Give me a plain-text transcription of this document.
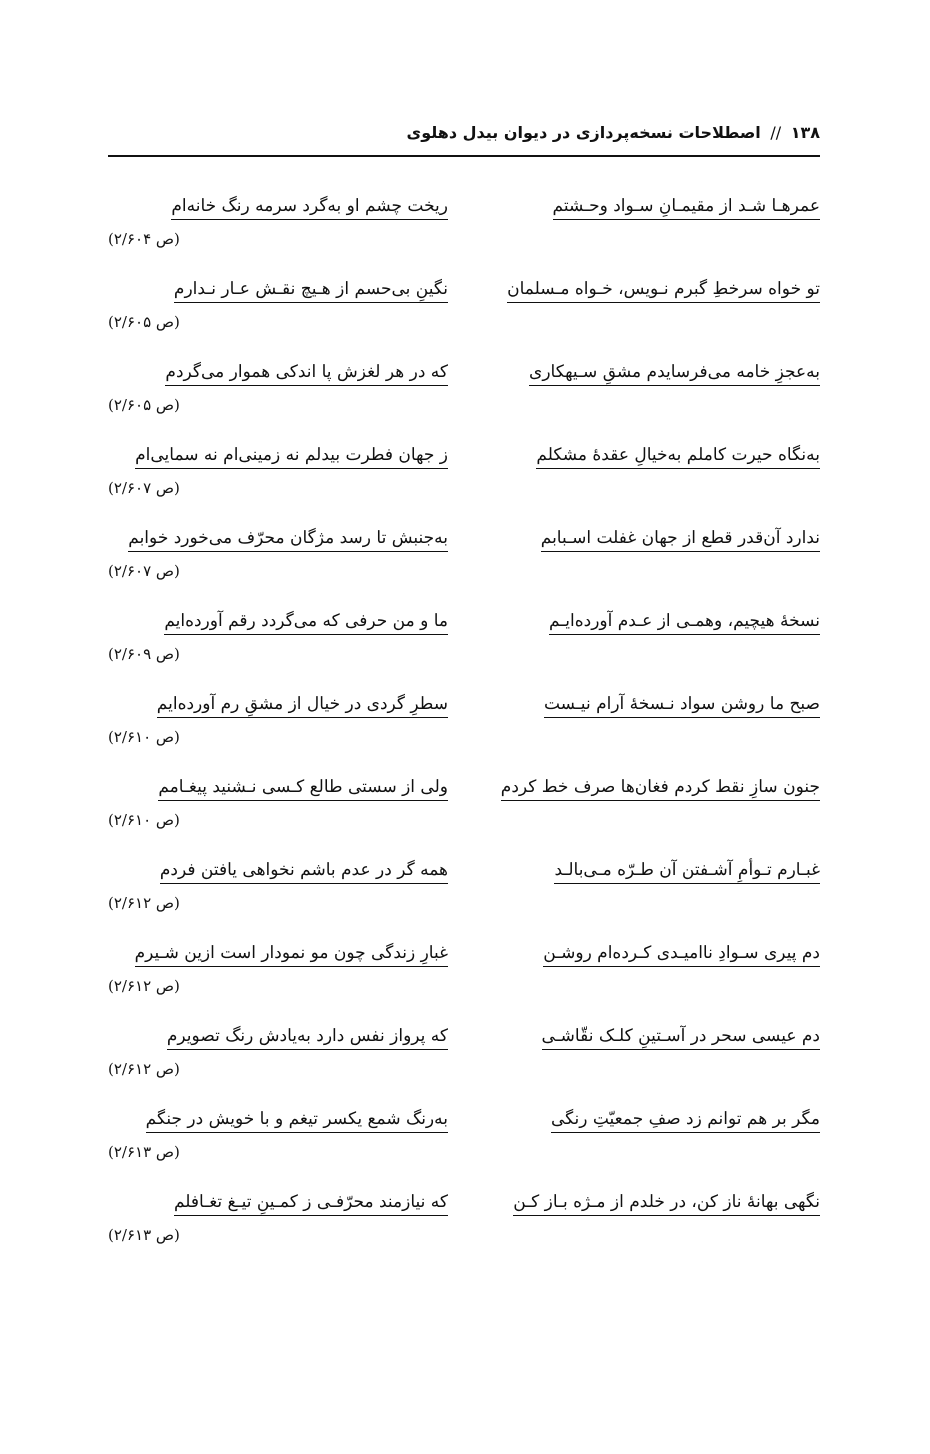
۱۳۸ // اصطلاحات نسخه‌پردازی در دیوان بیدل دهلوی
عمرهـا شـد از مقیمـانِ سـواد وحـشتم
ریخت چشم او به‌گرد سرمه رنگ خانه‌ام
(ص ۲/۶۰۴)
تو خواه سرخطِ گبرم نـویس، خـواه مـسلمان
نگینِ بی‌حسم از هـیچ نقـش عـار نـدارم
(ص ۲/۶۰۵)
به‌عجزِ خامه می‌فرسایدم مشقِ سـیهکاری
که در هر لغزش پا اندکی هموار می‌گردم
(ص ۲/۶۰۵)
به‌نگاه حیرت کاملم به‌خیالِ عقدهٔ مشکلم
ز جهان فطرت بیدلم نه زمینی‌ام نه سمایی‌ام
(ص ۲/۶۰۷)
ندارد آن‌قدر قطع از جهان غفلت اسـبابم
به‌جنبش تا رسد مژگان محرّف می‌خورد خوابم
(ص ۲/۶۰۷)
نسخهٔ هیچیم، وهمـی از عـدم آورده‌ایـم
ما و من حرفی که می‌گردد رقم آورده‌ایم
(ص ۲/۶۰۹)
صبح ما روشن سواد نـسخهٔ آرام نیـست
سطرِ گردی در خیال از مشقِ رم آورده‌ایم
(ص ۲/۶۱۰)
جنون سازِ نقط کردم فغان‌ها صرف خط کردم
ولی از سستی طالع کـسی نـشنید پیغـامم
(ص ۲/۶۱۰)
غبـارم تـوأمِ آشـفتن آن طـرّه مـی‌بالـد
همه گر در عدم باشم نخواهی یافتن فردم
(ص ۲/۶۱۲)
دم پیری سـوادِ ناامیـدی کـرده‌ام روشـن
غبارِ زندگی چون مو نمودار است ازین شـیرم
(ص ۲/۶۱۲)
دم عیسی سحر در آسـتینِ کلـک نقّاشـی
که پرواز نفس دارد به‌یادش رنگ تصویرم
(ص ۲/۶۱۲)
مگر بر هم توانم زد صفِ جمعیّتِ رنگی
به‌رنگ شمع یکسر تیغم و با خویش در جنگم
(ص ۲/۶۱۳)
نگهی بهانهٔ ناز کن، در خلدم از مـژه بـاز کـن
که نیازمند محرّفـی ز کمـینِ تیـغ تغـافلم
(ص ۲/۶۱۳)
